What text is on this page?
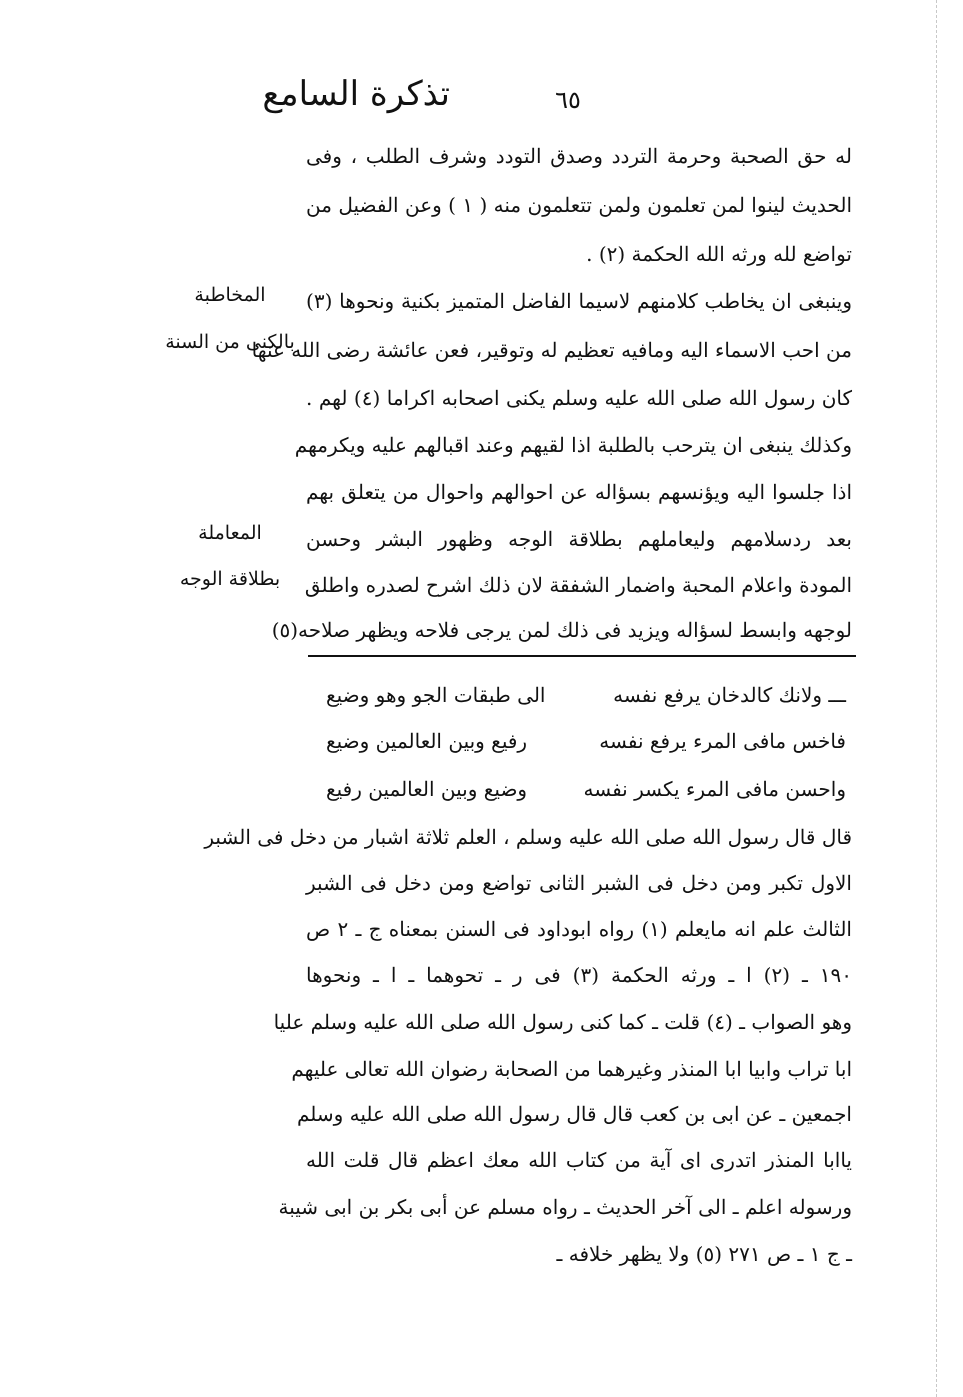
تذكرة السامع	٦٥
له حق الصحبة وحرمة التردد وصدق التودد وشرف الطلب ، وفى
الحديث لينوا لمن تعلمون ولمن تتعلمون منه ( ١ ) وعن الفضيل من
تواضع لله ورثه الله الحكمة (٢) .
وينبغى ان يخاطب كلامنهم لاسيما الفاضل المتميز بكنية ونحوها (٣)
من احب الاسماء اليه ومافيه تعظيم له وتوقير، فعن عائشة رضى الله عنها
كان رسول الله صلى الله عليه وسلم يكنى اصحابه اكراما (٤) لهم .
وكذلك ينبغى ان يترحب بالطلبة اذا لقيهم وعند اقبالهم عليه ويكرمهم
اذا جلسوا اليه ويؤنسهم بسؤاله عن احوالهم واحوال من يتعلق بهم
بعد ردسلامهم وليعاملهم بطلاقة الوجه وظهور البشر وحسن
المودة واعلام المحبة واضمار الشفقة لان ذلك اشرح لصدره واطلق
لوجهه وابسط لسؤاله ويزيد فى ذلك لمن يرجى فلاحه ويظهر صلاحه(٥)
المخاطبة
بالكنى من السنة
المعاملة
بطلاقة الوجه
ـــ ولانك كالدخان يرفع نفسه
الى طبقات الجو وهو وضيع
فاخس مافى المرء يرفع نفسه
رفيع وبين العالمين وضيع
واحسن مافى المرء يكسر نفسه
وضيع وبين العالمين رفيع
قال قال رسول الله صلى الله عليه وسلم ، العلم ثلاثة اشبار من دخل فى الشبر
الاول تكبر ومن دخل فى الشبر الثانى تواضع ومن دخل فى الشبر
الثالث علم انه مايعلم (١) رواه ابوداود فى السنن بمعناه ج ـ ٢ ص
١٩٠ ـ (٢) ا ـ ورثه الحكمة (٣) فى ر ـ تحوهما ـ ا ـ ونحوها
وهو الصواب ـ (٤) قلت ـ كما كنى رسول الله صلى الله عليه وسلم عليا
ابا تراب وابيا ابا المنذر وغيرهما من الصحابة رضوان الله تعالى عليهم
اجمعين ـ عن ابى بن كعب قال قال رسول الله صلى الله عليه وسلم
ياابا المنذر اتدرى اى آية من كتاب الله معك اعظم قال قلت الله
ورسوله اعلم ـ الى آخر الحديث ـ رواه مسلم عن أبى بكر بن ابى شيبة
ـ ج ١ ـ ص ٢٧١ (٥) ولا يظهر خلافه ـ
